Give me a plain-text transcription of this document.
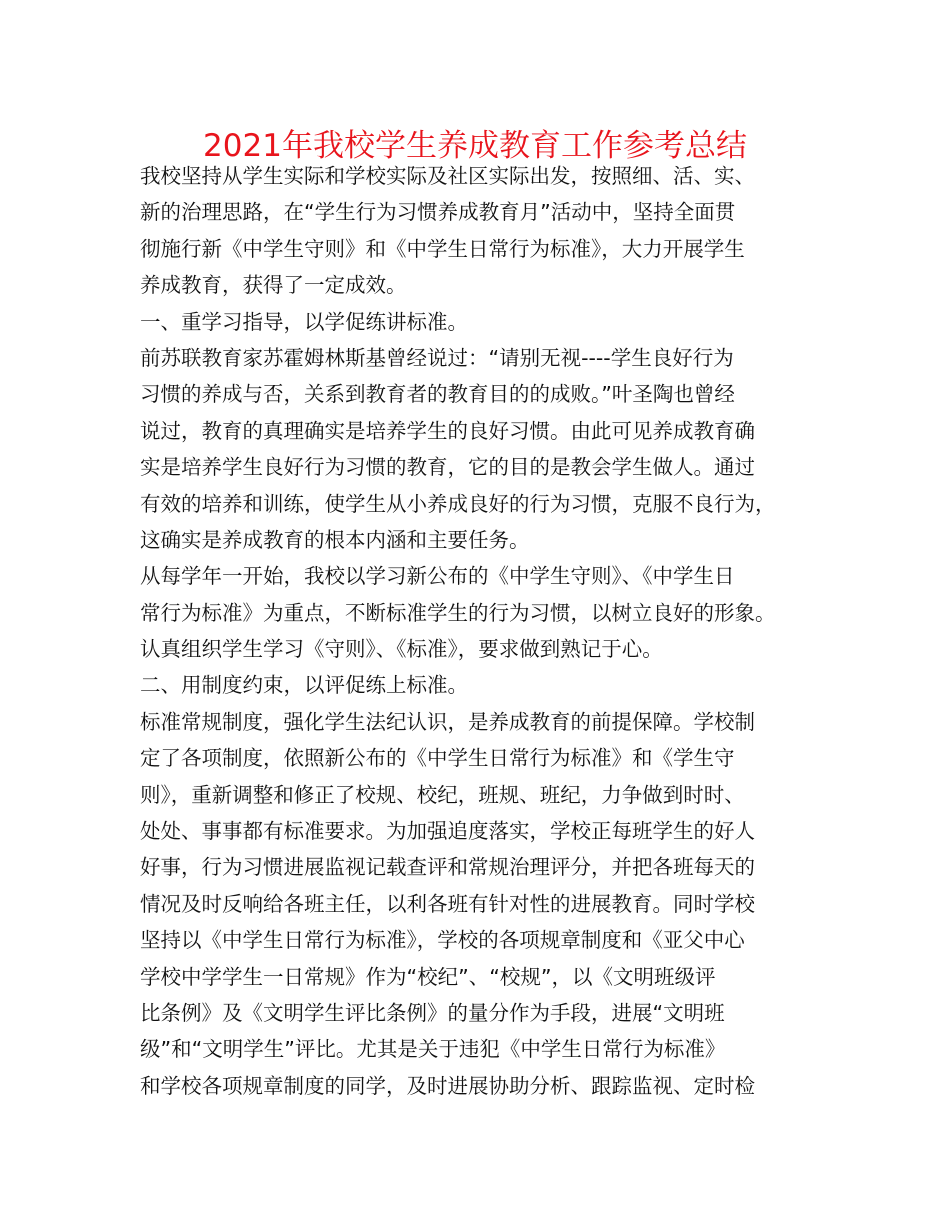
2021年我校学生养成教育工作参考总结
我校坚持从学生实际和学校实际及社区实际出发，按照细、活、实、
新的治理思路，在“学生行为习惯养成教育月”活动中，坚持全面贯
彻施行新《中学生守则》和《中学生日常行为标准》，大力开展学生
养成教育，获得了一定成效。
一、重学习指导，以学促练讲标准。
前苏联教育家苏霍姆林斯基曾经说过：“请别无视----学生良好行为
习惯的养成与否，关系到教育者的教育目的的成败。”叶圣陶也曾经
说过，教育的真理确实是培养学生的良好习惯。由此可见养成教育确
实是培养学生良好行为习惯的教育，它的目的是教会学生做人。通过
有效的培养和训练，使学生从小养成良好的行为习惯，克服不良行为，
这确实是养成教育的根本内涵和主要任务。
从每学年一开始，我校以学习新公布的《中学生守则》、《中学生日
常行为标准》为重点，不断标准学生的行为习惯，以树立良好的形象。
认真组织学生学习《守则》、《标准》，要求做到熟记于心。
二、用制度约束，以评促练上标准。
标准常规制度，强化学生法纪认识，是养成教育的前提保障。学校制
定了各项制度，依照新公布的《中学生日常行为标准》和《学生守
则》，重新调整和修正了校规、校纪，班规、班纪，力争做到时时、
处处、事事都有标准要求。为加强追度落实，学校正每班学生的好人
好事，行为习惯进展监视记载查评和常规治理评分，并把各班每天的
情况及时反响给各班主任，以利各班有针对性的进展教育。同时学校
坚持以《中学生日常行为标准》，学校的各项规章制度和《亚父中心
学校中学学生一日常规》作为“校纪”、“校规”，以《文明班级评
比条例》及《文明学生评比条例》的量分作为手段，进展“文明班
级”和“文明学生”评比。尤其是关于违犯《中学生日常行为标准》
和学校各项规章制度的同学，及时进展协助分析、跟踪监视、定时检
